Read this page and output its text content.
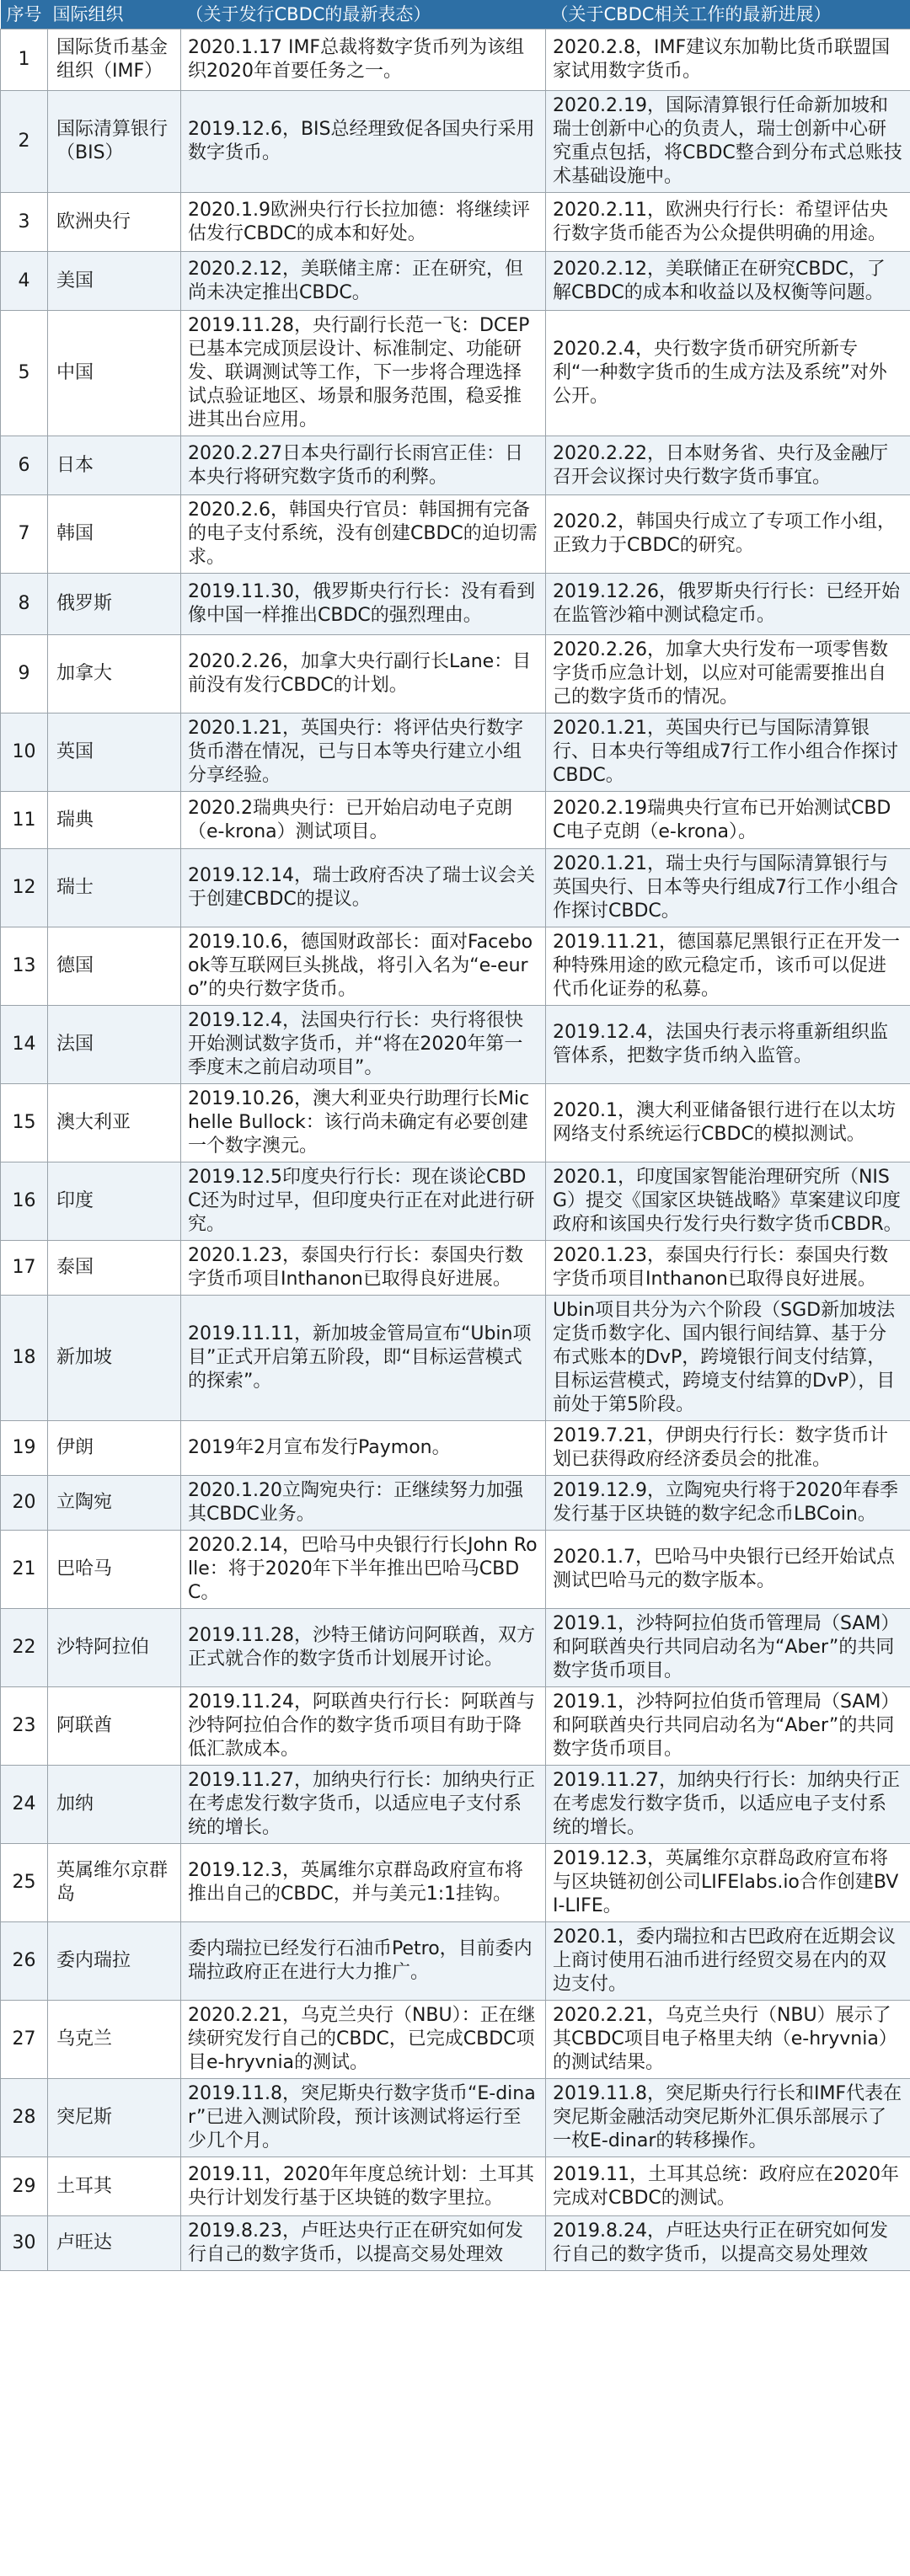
序号	国际组织	（关于发行CBDC的最新表态）	（关于CBDC相关工作的最新进展）
1	国际货币基金组织（IMF）	2020.1.17 IMF总裁将数字货币列为该组织2020年首要任务之一。	2020.2.8，IMF建议东加勒比货币联盟国家试用数字货币。
2	国际清算银行（BIS）	2019.12.6，BIS总经理致促各国央行采用数字货币。	2020.2.19，国际清算银行任命新加坡和瑞士创新中心的负责人，瑞士创新中心研究重点包括，将CBDC整合到分布式总账技术基础设施中。
3	欧洲央行	2020.1.9欧洲央行行长拉加德：将继续评估发行CBDC的成本和好处。	2020.2.11，欧洲央行行长：希望评估央行数字货币能否为公众提供明确的用途。
4	美国	2020.2.12，美联储主席：正在研究，但尚未决定推出CBDC。	2020.2.12，美联储正在研究CBDC，了解CBDC的成本和收益以及权衡等问题。
5	中国	2019.11.28，央行副行长范一飞：DCEP已基本完成顶层设计、标准制定、功能研发、联调测试等工作，下一步将合理选择试点验证地区、场景和服务范围，稳妥推进其出台应用。	2020.2.4，央行数字货币研究所新专利“一种数字货币的生成方法及系统”对外公开。
6	日本	2020.2.27日本央行副行长雨宫正佳：日本央行将研究数字货币的利弊。	2020.2.22，日本财务省、央行及金融厅召开会议探讨央行数字货币事宜。
7	韩国	2020.2.6，韩国央行官员：韩国拥有完备的电子支付系统，没有创建CBDC的迫切需求。	2020.2，韩国央行成立了专项工作小组，正致力于CBDC的研究。
8	俄罗斯	2019.11.30，俄罗斯央行行长：没有看到像中国一样推出CBDC的强烈理由。	2019.12.26，俄罗斯央行行长：已经开始在监管沙箱中测试稳定币。
9	加拿大	2020.2.26，加拿大央行副行长Lane：目前没有发行CBDC的计划。	2020.2.26，加拿大央行发布一项零售数字货币应急计划，以应对可能需要推出自己的数字货币的情况。
10	英国	2020.1.21，英国央行：将评估央行数字货币潜在情况，已与日本等央行建立小组分享经验。	2020.1.21，英国央行已与国际清算银行、日本央行等组成7行工作小组合作探讨CBDC。
11	瑞典	2020.2瑞典央行：已开始启动电子克朗（e-krona）测试项目。	2020.2.19瑞典央行宣布已开始测试CBDC电子克朗（e-krona）。
12	瑞士	2019.12.14，瑞士政府否决了瑞士议会关于创建CBDC的提议。	2020.1.21，瑞士央行与国际清算银行与英国央行、日本等央行组成7行工作小组合作探讨CBDC。
13	德国	2019.10.6，德国财政部长：面对Facebook等互联网巨头挑战，将引入名为“e-euro”的央行数字货币。	2019.11.21，德国慕尼黑银行正在开发一种特殊用途的欧元稳定币，该币可以促进代币化证券的私募。
14	法国	2019.12.4，法国央行行长：央行将很快开始测试数字货币，并“将在2020年第一季度末之前启动项目”。	2019.12.4，法国央行表示将重新组织监管体系，把数字货币纳入监管。
15	澳大利亚	2019.10.26，澳大利亚央行助理行长Michelle Bullock：该行尚未确定有必要创建一个数字澳元。	2020.1，澳大利亚储备银行进行在以太坊网络支付系统运行CBDC的模拟测试。
16	印度	2019.12.5印度央行行长：现在谈论CBDC还为时过早，但印度央行正在对此进行研究。	2020.1，印度国家智能治理研究所（NISG）提交《国家区块链战略》草案建议印度政府和该国央行发行央行数字货币CBDR。
17	泰国	2020.1.23，泰国央行行长：泰国央行数字货币项目Inthanon已取得良好进展。	2020.1.23，泰国央行行长：泰国央行数字货币项目Inthanon已取得良好进展。
18	新加坡	2019.11.11，新加坡金管局宣布“Ubin项目”正式开启第五阶段，即“目标运营模式的探索”。	Ubin项目共分为六个阶段（SGD新加坡法定货币数字化、国内银行间结算、基于分布式账本的DvP，跨境银行间支付结算，目标运营模式，跨境支付结算的DvP），目前处于第5阶段。
19	伊朗	2019年2月宣布发行Paymon。	2019.7.21，伊朗央行行长：数字货币计划已获得政府经济委员会的批准。
20	立陶宛	2020.1.20立陶宛央行：正继续努力加强其CBDC业务。	2019.12.9，立陶宛央行将于2020年春季发行基于区块链的数字纪念币LBCoin。
21	巴哈马	2020.2.14，巴哈马中央银行行长John Rolle：将于2020年下半年推出巴哈马CBDC。	2020.1.7，巴哈马中央银行已经开始试点测试巴哈马元的数字版本。
22	沙特阿拉伯	2019.11.28，沙特王储访问阿联酋，双方正式就合作的数字货币计划展开讨论。	2019.1，沙特阿拉伯货币管理局（SAM）和阿联酋央行共同启动名为“Aber”的共同数字货币项目。
23	阿联酋	2019.11.24，阿联酋央行行长：阿联酋与沙特阿拉伯合作的数字货币项目有助于降低汇款成本。	2019.1，沙特阿拉伯货币管理局（SAM）和阿联酋央行共同启动名为“Aber”的共同数字货币项目。
24	加纳	2019.11.27，加纳央行行长：加纳央行正在考虑发行数字货币，以适应电子支付系统的增长。	2019.11.27，加纳央行行长：加纳央行正在考虑发行数字货币，以适应电子支付系统的增长。
25	英属维尔京群岛	2019.12.3，英属维尔京群岛政府宣布将推出自己的CBDC，并与美元1:1挂钩。	2019.12.3，英属维尔京群岛政府宣布将与区块链初创公司LIFElabs.io合作创建BVI-LIFE。
26	委内瑞拉	委内瑞拉已经发行石油币Petro，目前委内瑞拉政府正在进行大力推广。	2020.1，委内瑞拉和古巴政府在近期会议上商讨使用石油币进行经贸交易在内的双边支付。
27	乌克兰	2020.2.21，乌克兰央行（NBU）：正在继续研究发行自己的CBDC，已完成CBDC项目e-hryvnia的测试。	2020.2.21，乌克兰央行（NBU）展示了其CBDC项目电子格里夫纳（e-hryvnia）的测试结果。
28	突尼斯	2019.11.8，突尼斯央行数字货币“E-dinar”已进入测试阶段，预计该测试将运行至少几个月。	2019.11.8，突尼斯央行行长和IMF代表在突尼斯金融活动突尼斯外汇俱乐部展示了一枚E-dinar的转移操作。
29	土耳其	2019.11，2020年年度总统计划：土耳其央行计划发行基于区块链的数字里拉。	2019.11，土耳其总统：政府应在2020年完成对CBDC的测试。
30	卢旺达	2019.8.23，卢旺达央行正在研究如何发行自己的数字货币，以提高交易处理效	2019.8.24，卢旺达央行正在研究如何发行自己的数字货币，以提高交易处理效
